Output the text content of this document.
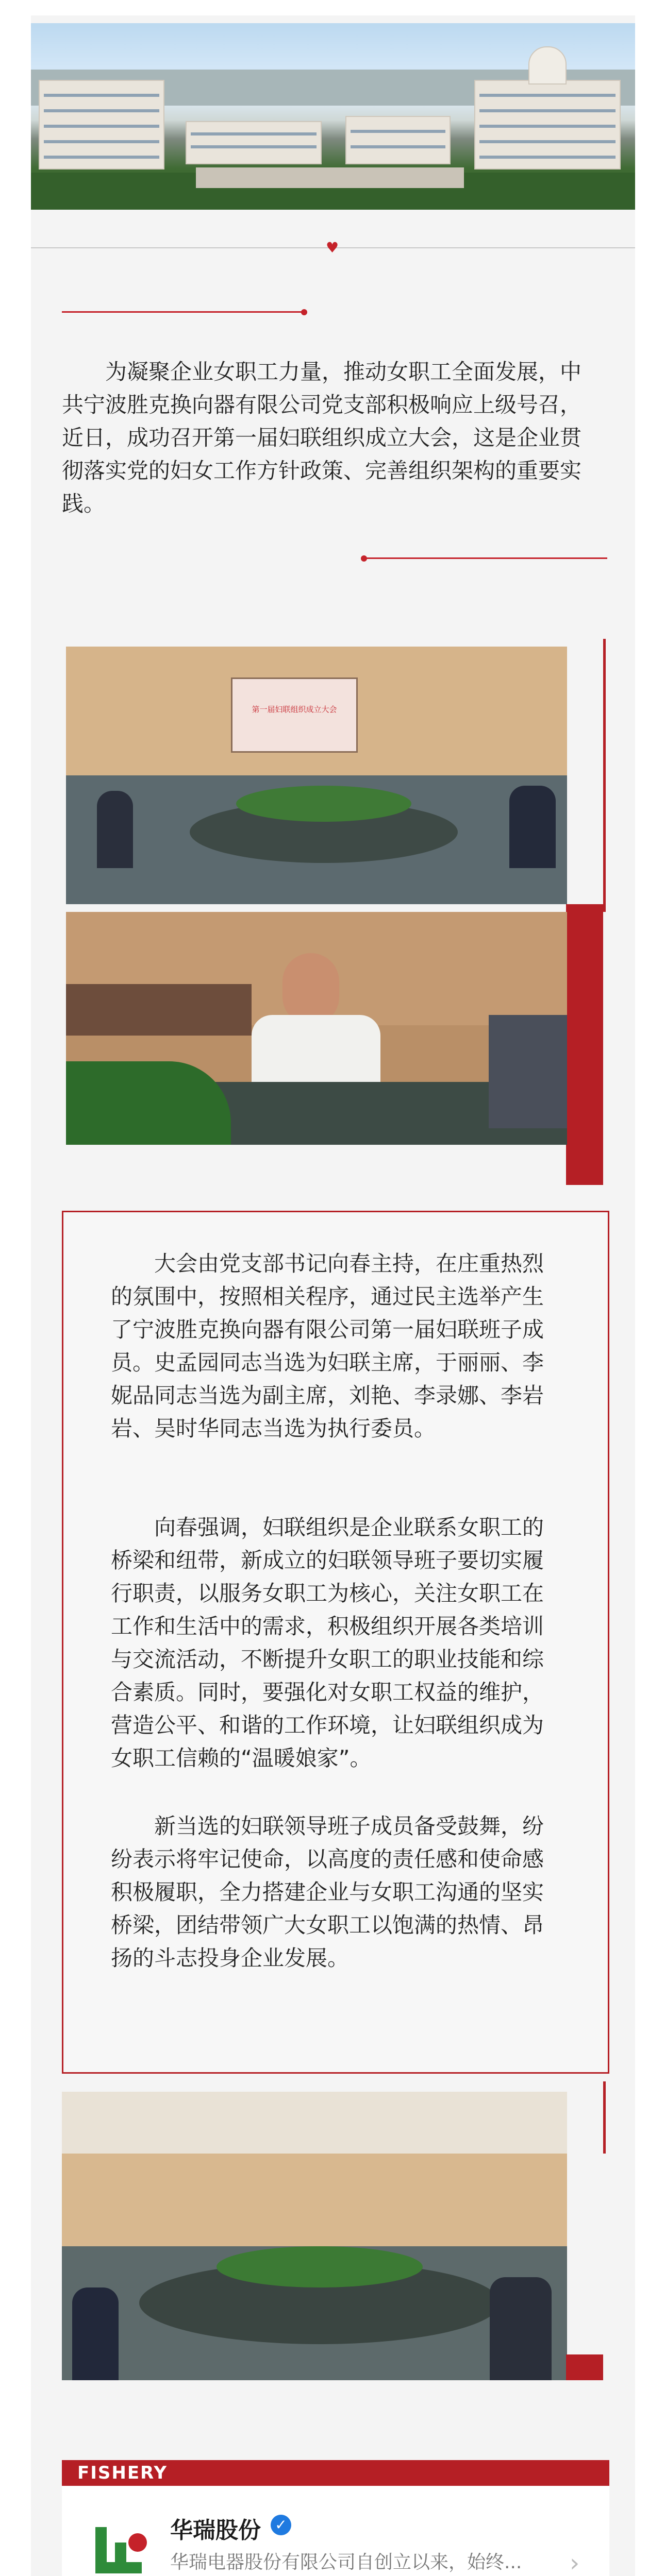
♥
为凝聚企业女职工力量，推动女职工全面发展，中共宁波胜克换向器有限公司党支部积极响应上级号召，近日，成功召开第一届妇联组织成立大会，这是企业贯彻落实党的妇女工作方针政策、完善组织架构的重要实践。
第一届妇联组织成立大会
大会由党支部书记向春主持，在庄重热烈的氛围中，按照相关程序，通过民主选举产生了宁波胜克换向器有限公司第一届妇联班子成员。史孟园同志当选为妇联主席，于丽丽、李妮品同志当选为副主席，刘艳、李录娜、李岩岩、吴时华同志当选为执行委员。
向春强调，妇联组织是企业联系女职工的桥梁和纽带，新成立的妇联领导班子要切实履行职责，以服务女职工为核心，关注女职工在工作和生活中的需求，积极组织开展各类培训与交流活动，不断提升女职工的职业技能和综合素质。同时，要强化对女职工权益的维护，营造公平、和谐的工作环境，让妇联组织成为女职工信赖的“温暖娘家”。
新当选的妇联领导班子成员备受鼓舞，纷纷表示将牢记使命，以高度的责任感和使命感积极履职，全力搭建企业与女职工沟通的坚实桥梁，团结带领广大女职工以饱满的热情、昂扬的斗志投身企业发展。
FISHERY
华瑞股份 ✓
华瑞电器股份有限公司自创立以来，始终...	›
